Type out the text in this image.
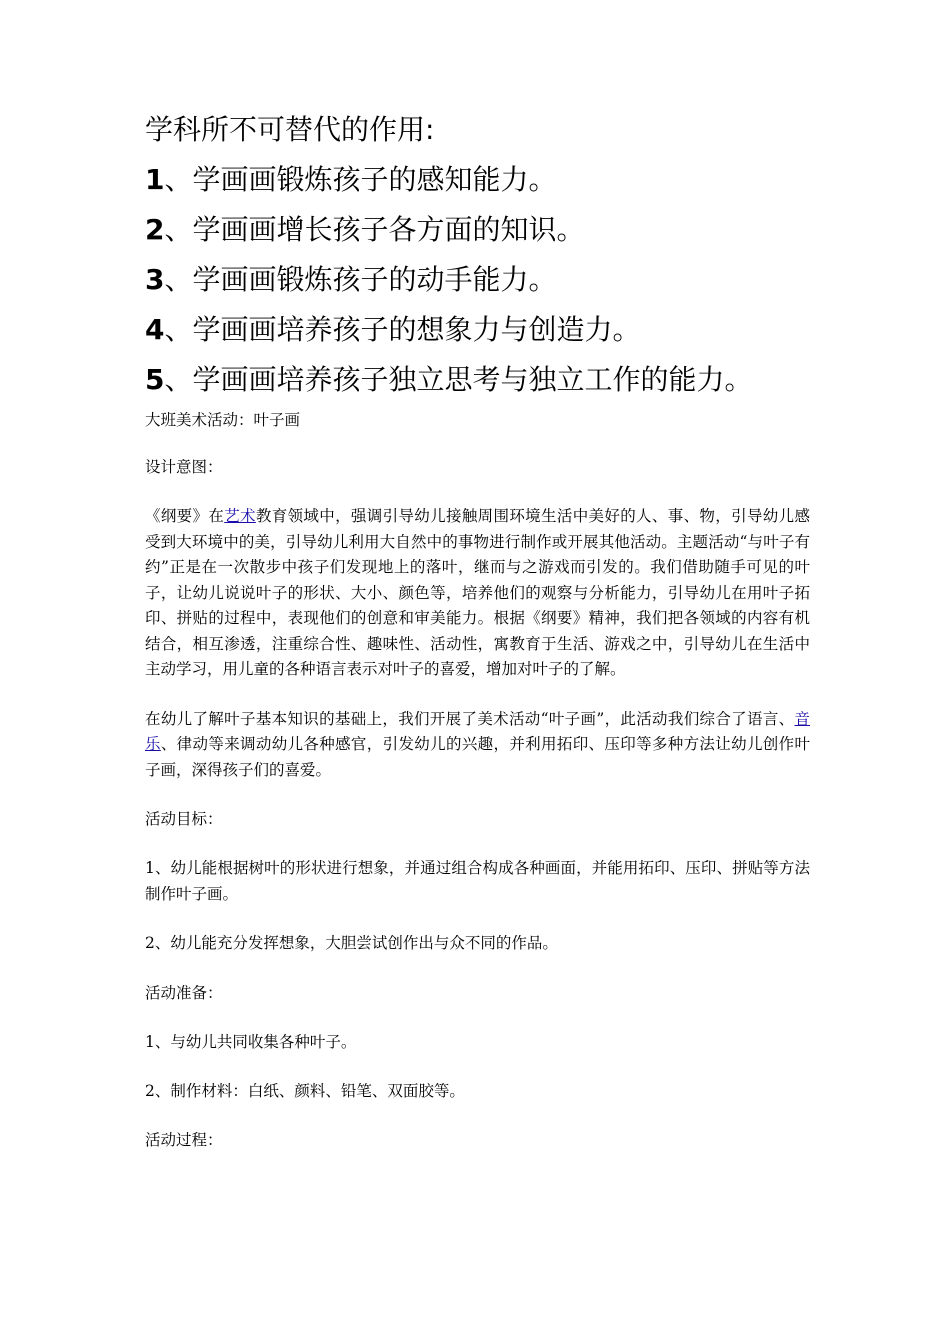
学科所不可替代的作用:
1、学画画锻炼孩子的感知能力。
2、学画画增长孩子各方面的知识。
3、学画画锻炼孩子的动手能力。
4、学画画培养孩子的想象力与创造力。
5、学画画培养孩子独立思考与独立工作的能力。

大班美术活动：叶子画

设计意图：

《纲要》在艺术教育领域中，强调引导幼儿接触周围环境生活中美好的人、事、物，引导幼儿感受到大环境中的美，引导幼儿利用大自然中的事物进行制作或开展其他活动。主题活动“与叶子有约”正是在一次散步中孩子们发现地上的落叶，继而与之游戏而引发的。我们借助随手可见的叶子，让幼儿说说叶子的形状、大小、颜色等，培养他们的观察与分析能力，引导幼儿在用叶子拓印、拼贴的过程中，表现他们的创意和审美能力。根据《纲要》精神，我们把各领域的内容有机结合，相互渗透，注重综合性、趣味性、活动性，寓教育于生活、游戏之中，引导幼儿在生活中主动学习，用儿童的各种语言表示对叶子的喜爱，增加对叶子的了解。

在幼儿了解叶子基本知识的基础上，我们开展了美术活动“叶子画”，此活动我们综合了语言、音乐、律动等来调动幼儿各种感官，引发幼儿的兴趣，并利用拓印、压印等多种方法让幼儿创作叶子画，深得孩子们的喜爱。

活动目标：

1、幼儿能根据树叶的形状进行想象，并通过组合构成各种画面，并能用拓印、压印、拼贴等方法制作叶子画。

2、幼儿能充分发挥想象，大胆尝试创作出与众不同的作品。

活动准备：

1、与幼儿共同收集各种叶子。

2、制作材料：白纸、颜料、铅笔、双面胶等。

活动过程：
